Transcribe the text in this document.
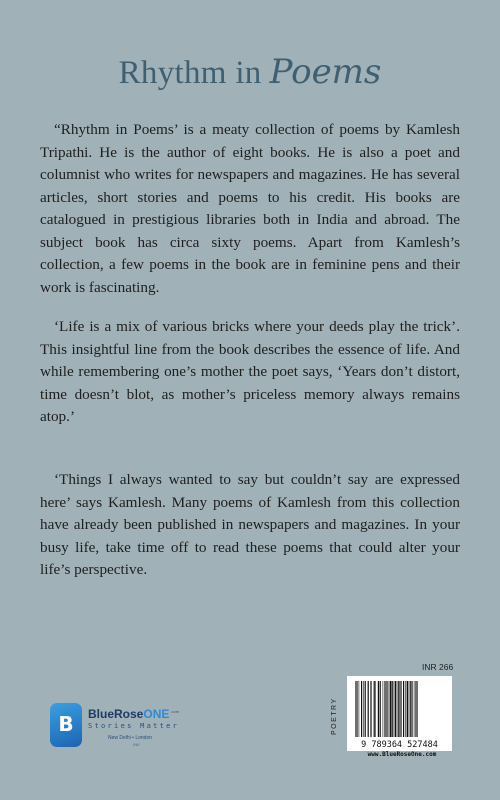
Rhythm in Poems

“Rhythm in Poems’ is a meaty collection of poems by Kamlesh Tripathi. He is the author of eight books. He is also a poet and columnist who writes for newspapers and magazines. He has several articles, short stories and poems to his credit. His books are catalogued in prestigious libraries both in India and abroad. The subject book has circa sixty poems. Apart from Kamlesh’s collection, a few poems in the book are in feminine pens and their work is fascinating.

‘Life is a mix of various bricks where your deeds play the trick’. This insightful line from the book describes the essence of life. And while remembering one’s mother the poet says, ‘Years don’t distort, time doesn’t blot, as mother’s priceless memory always remains atop.’

‘Things I always wanted to say but couldn’t say are expressed here’ says Kamlesh. Many poems of Kamlesh from this collection have already been published in newspapers and magazines. In your busy life, take time off to read these poems that could alter your life’s perspective.

B	BlueRoseONE$^{.com}$
Stories Matter
New Delhi • London
.INK
INR 266
POETRY
9 789364 527484
www.BlueRoseOne.com
